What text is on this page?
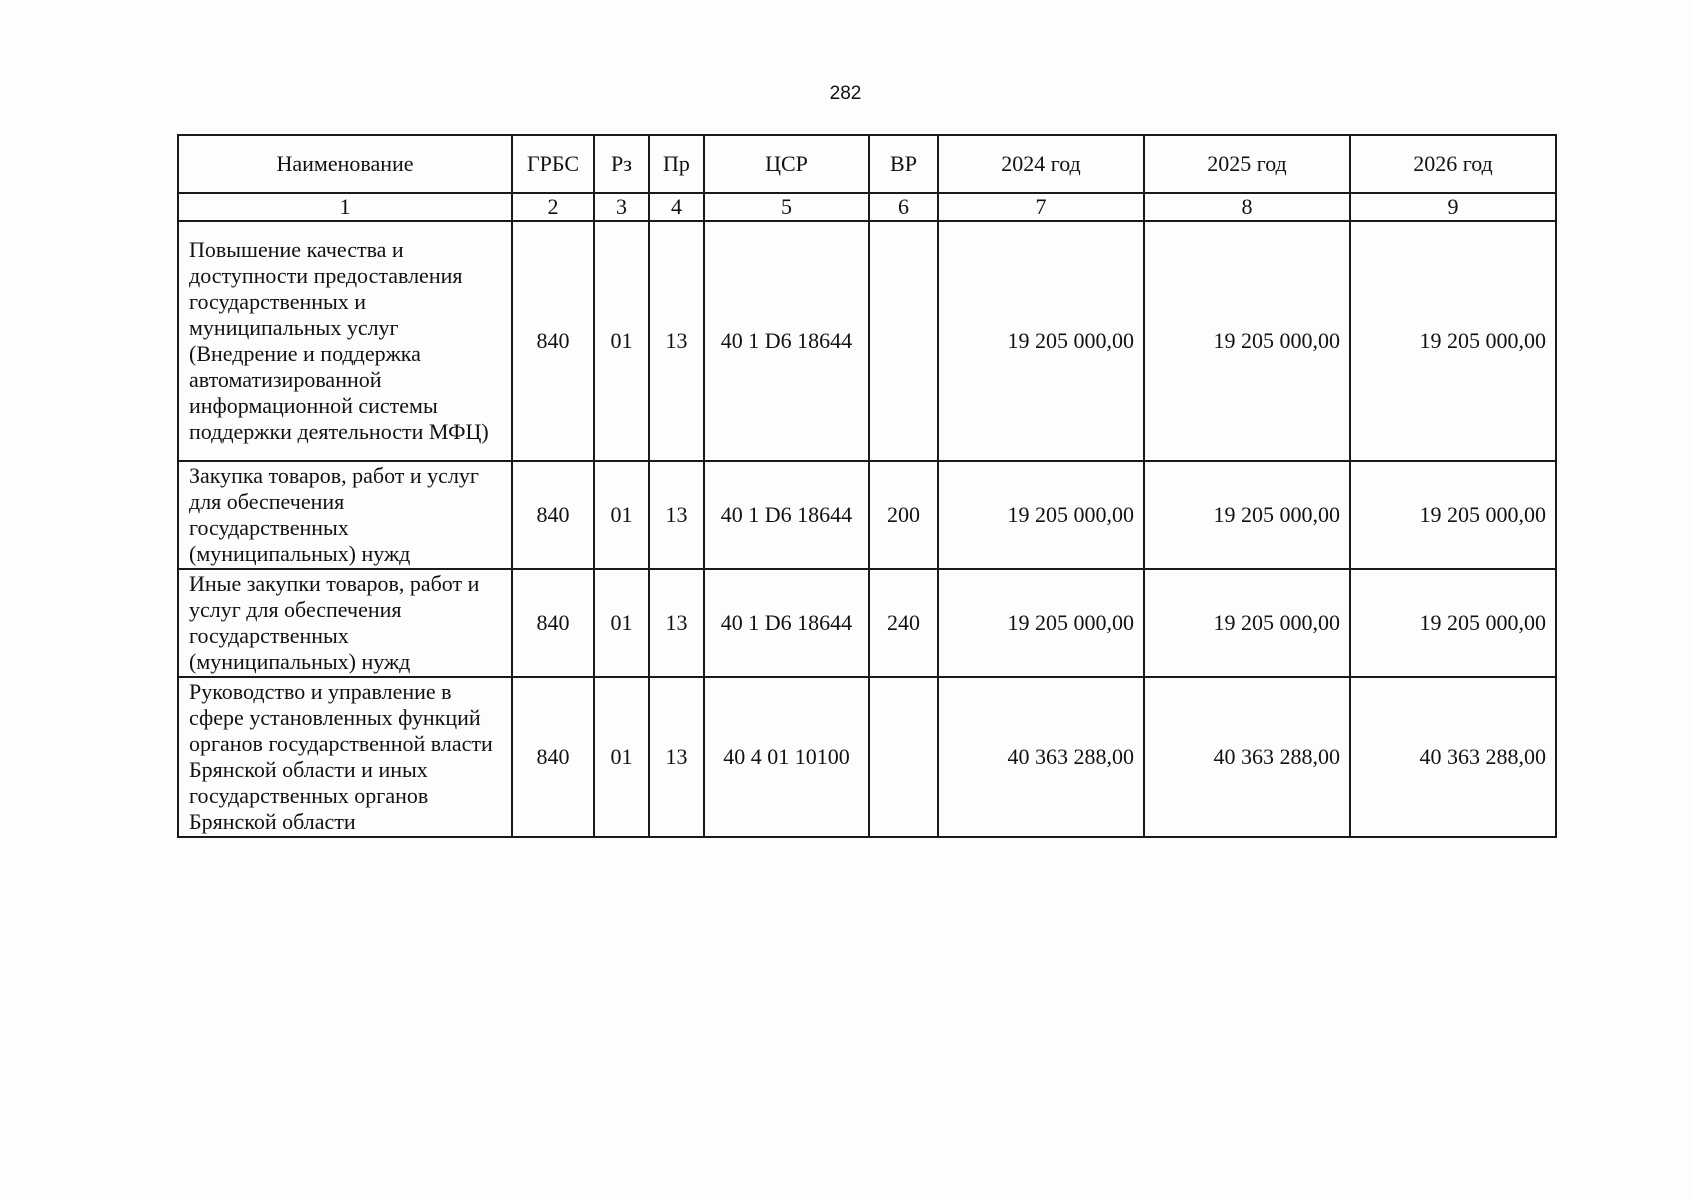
282
Наименование	ГРБС	Рз	Пр	ЦСР	ВР	2024 год	2025 год	2026 год
1	2	3	4	5	6	7	8	9
Повышение качества и доступности предоставления государственных и муниципальных услуг (Внедрение и поддержка автоматизированной информационной системы поддержки деятельности МФЦ)	840	01	13	40 1 D6 18644		19 205 000,00	19 205 000,00	19 205 000,00
Закупка товаров, работ и услуг для обеспечения государственных (муниципальных) нужд	840	01	13	40 1 D6 18644	200	19 205 000,00	19 205 000,00	19 205 000,00
Иные закупки товаров, работ и услуг для обеспечения государственных (муниципальных) нужд	840	01	13	40 1 D6 18644	240	19 205 000,00	19 205 000,00	19 205 000,00
Руководство и управление в сфере установленных функций органов государственной власти Брянской области и иных государственных органов Брянской области	840	01	13	40 4 01 10100		40 363 288,00	40 363 288,00	40 363 288,00
